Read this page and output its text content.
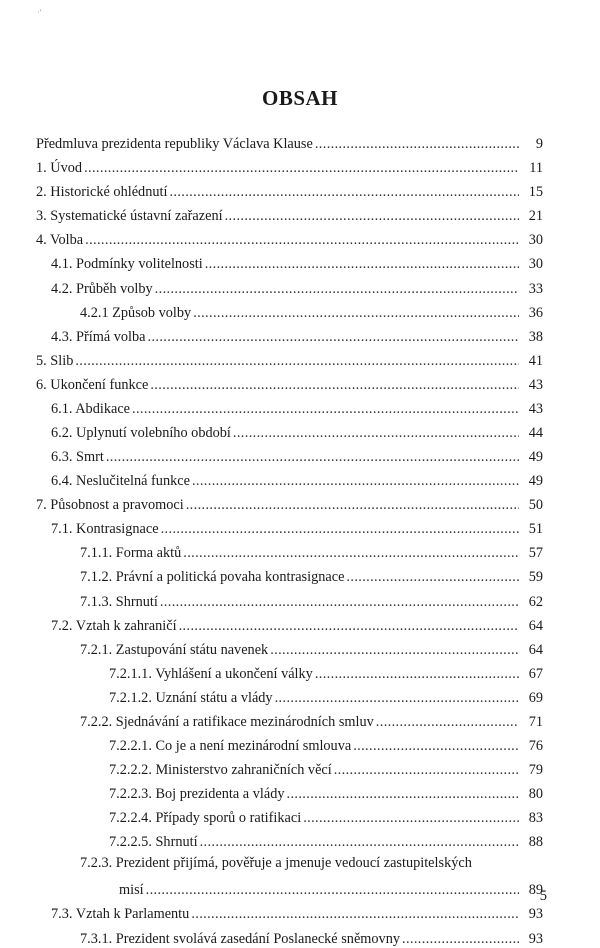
·'
OBSAH
Předmluva prezidenta republiky Václava Klause . . .	9
1. Úvod . . .	11
2. Historické ohlédnutí . . .	15
3. Systematické ústavní zařazení . . .	21
4. Volba . . .	30
4.1. Podmínky volitelnosti . . .	30
4.2. Průběh volby . . .	33
4.2.1 Způsob volby . . .	36
4.3. Přímá volba . . .	38
5. Slib . . .	41
6. Ukončení funkce . . .	43
6.1. Abdikace . . .	43
6.2. Uplynutí volebního období . . .	44
6.3. Smrt . . .	49
6.4. Neslučitelná funkce . . .	49
7. Působnost a pravomoci . . .	50
7.1. Kontrasignace . . .	51
7.1.1. Forma aktů . . .	57
7.1.2. Právní a politická povaha kontrasignace . . .	59
7.1.3. Shrnutí . . .	62
7.2. Vztah k zahraničí . . .	64
7.2.1. Zastupování státu navenek . . .	64
7.2.1.1. Vyhlášení a ukončení války . . .	67
7.2.1.2. Uznání státu a vlády . . .	69
7.2.2. Sjednávání a ratifikace mezinárodních smluv . . .	71
7.2.2.1. Co je a není mezinárodní smlouva . . .	76
7.2.2.2. Ministerstvo zahraničních věcí . . .	79
7.2.2.3. Boj prezidenta a vlády . . .	80
7.2.2.4. Případy sporů o ratifikaci . . .	83
7.2.2.5. Shrnutí . . .	88
7.2.3. Prezident přijímá, pověřuje a jmenuje vedoucí zastupitelských
misí . . .	89
7.3. Vztah k Parlamentu . . .	93
7.3.1. Prezident svolává zasedání Poslanecké sněmovny . . .	93
5
